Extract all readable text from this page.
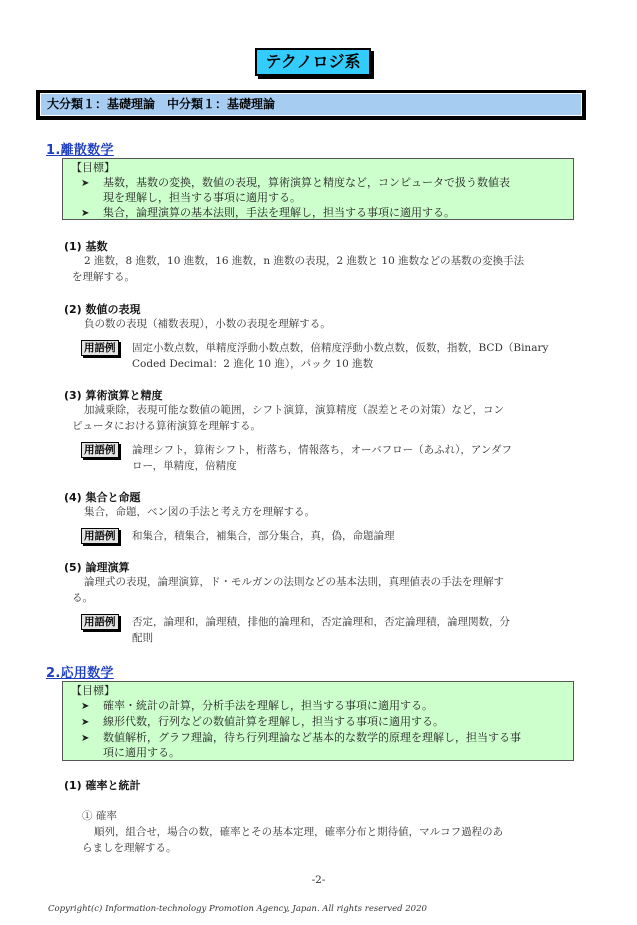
テクノロジ系
大分類１：基礎理論　中分類１：基礎理論
1.離散数学
【目標】
➤ 基数，基数の変換，数値の表現，算術演算と精度など，コンピュータで扱う数値表
現を理解し，担当する事項に適用する。
➤ 集合，論理演算の基本法則，手法を理解し，担当する事項に適用する。
(1) 基数
2 進数，8 進数，10 進数，16 進数，n 進数の表現，2 進数と 10 進数などの基数の変換手法
を理解する。
(2) 数値の表現
負の数の表現（補数表現），小数の表現を理解する。
用語例 固定小数点数，単精度浮動小数点数，倍精度浮動小数点数，仮数，指数，BCD（Binary
Coded Decimal：2 進化 10 進），パック 10 進数
(3) 算術演算と精度
加減乗除，表現可能な数値の範囲，シフト演算，演算精度（誤差とその対策）など，コン
ピュータにおける算術演算を理解する。
用語例 論理シフト，算術シフト，桁落ち，情報落ち，オーバフロー（あふれ），アンダフ
ロー，単精度，倍精度
(4) 集合と命題
集合，命題，ベン図の手法と考え方を理解する。
用語例 和集合，積集合，補集合，部分集合，真，偽，命題論理
(5) 論理演算
論理式の表現，論理演算，ド・モルガンの法則などの基本法則，真理値表の手法を理解す
る。
用語例 否定，論理和，論理積，排他的論理和，否定論理和，否定論理積，論理関数，分
配則
2.応用数学
【目標】
➤ 確率・統計の計算，分析手法を理解し，担当する事項に適用する。
➤ 線形代数，行列などの数値計算を理解し，担当する事項に適用する。
➤ 数値解析，グラフ理論，待ち行列理論など基本的な数学的原理を理解し，担当する事
項に適用する。
(1) 確率と統計
① 確率
順列，組合せ，場合の数，確率とその基本定理，確率分布と期待値，マルコフ過程のあ
らましを理解する。
-2-
Copyright(c) Information-technology Promotion Agency, Japan. All rights reserved 2020
